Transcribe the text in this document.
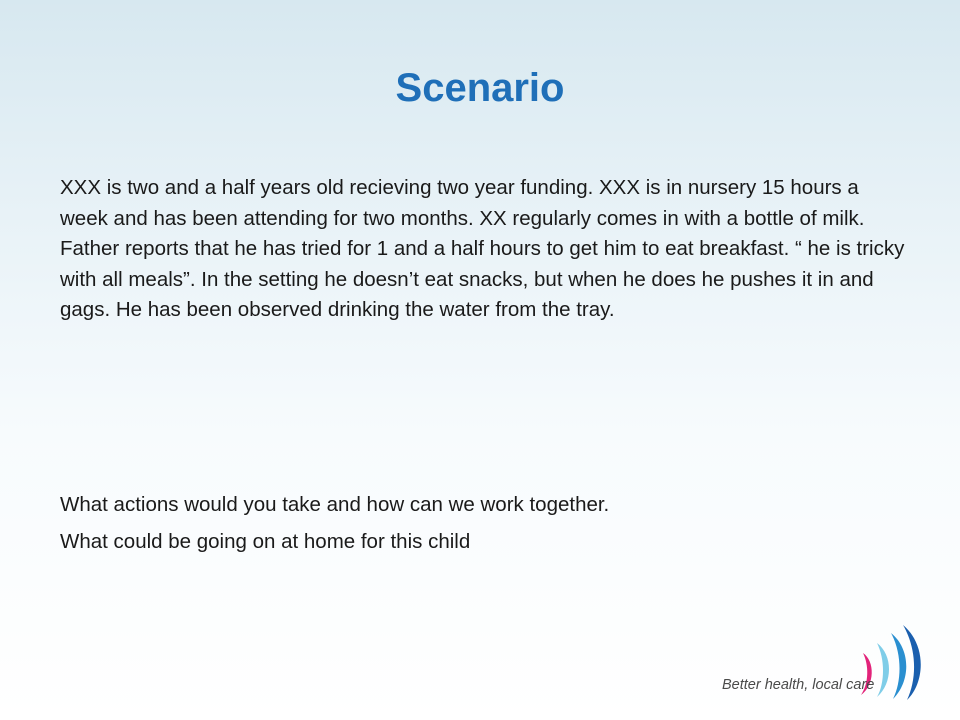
Scenario

XXX is two and a half years old recieving two year funding. XXX is in nursery 15 hours a week and has been attending for two months. XX regularly comes in with a bottle of milk. Father reports that he has tried for 1 and a half hours to get him to eat breakfast. “ he is tricky with all meals”. In the setting he doesn’t eat snacks, but when he does he pushes it in and gags. He has been observed drinking the water from the tray.

What actions would you take and how can we work together.
What could be going on at home for this child
Better health, local care
